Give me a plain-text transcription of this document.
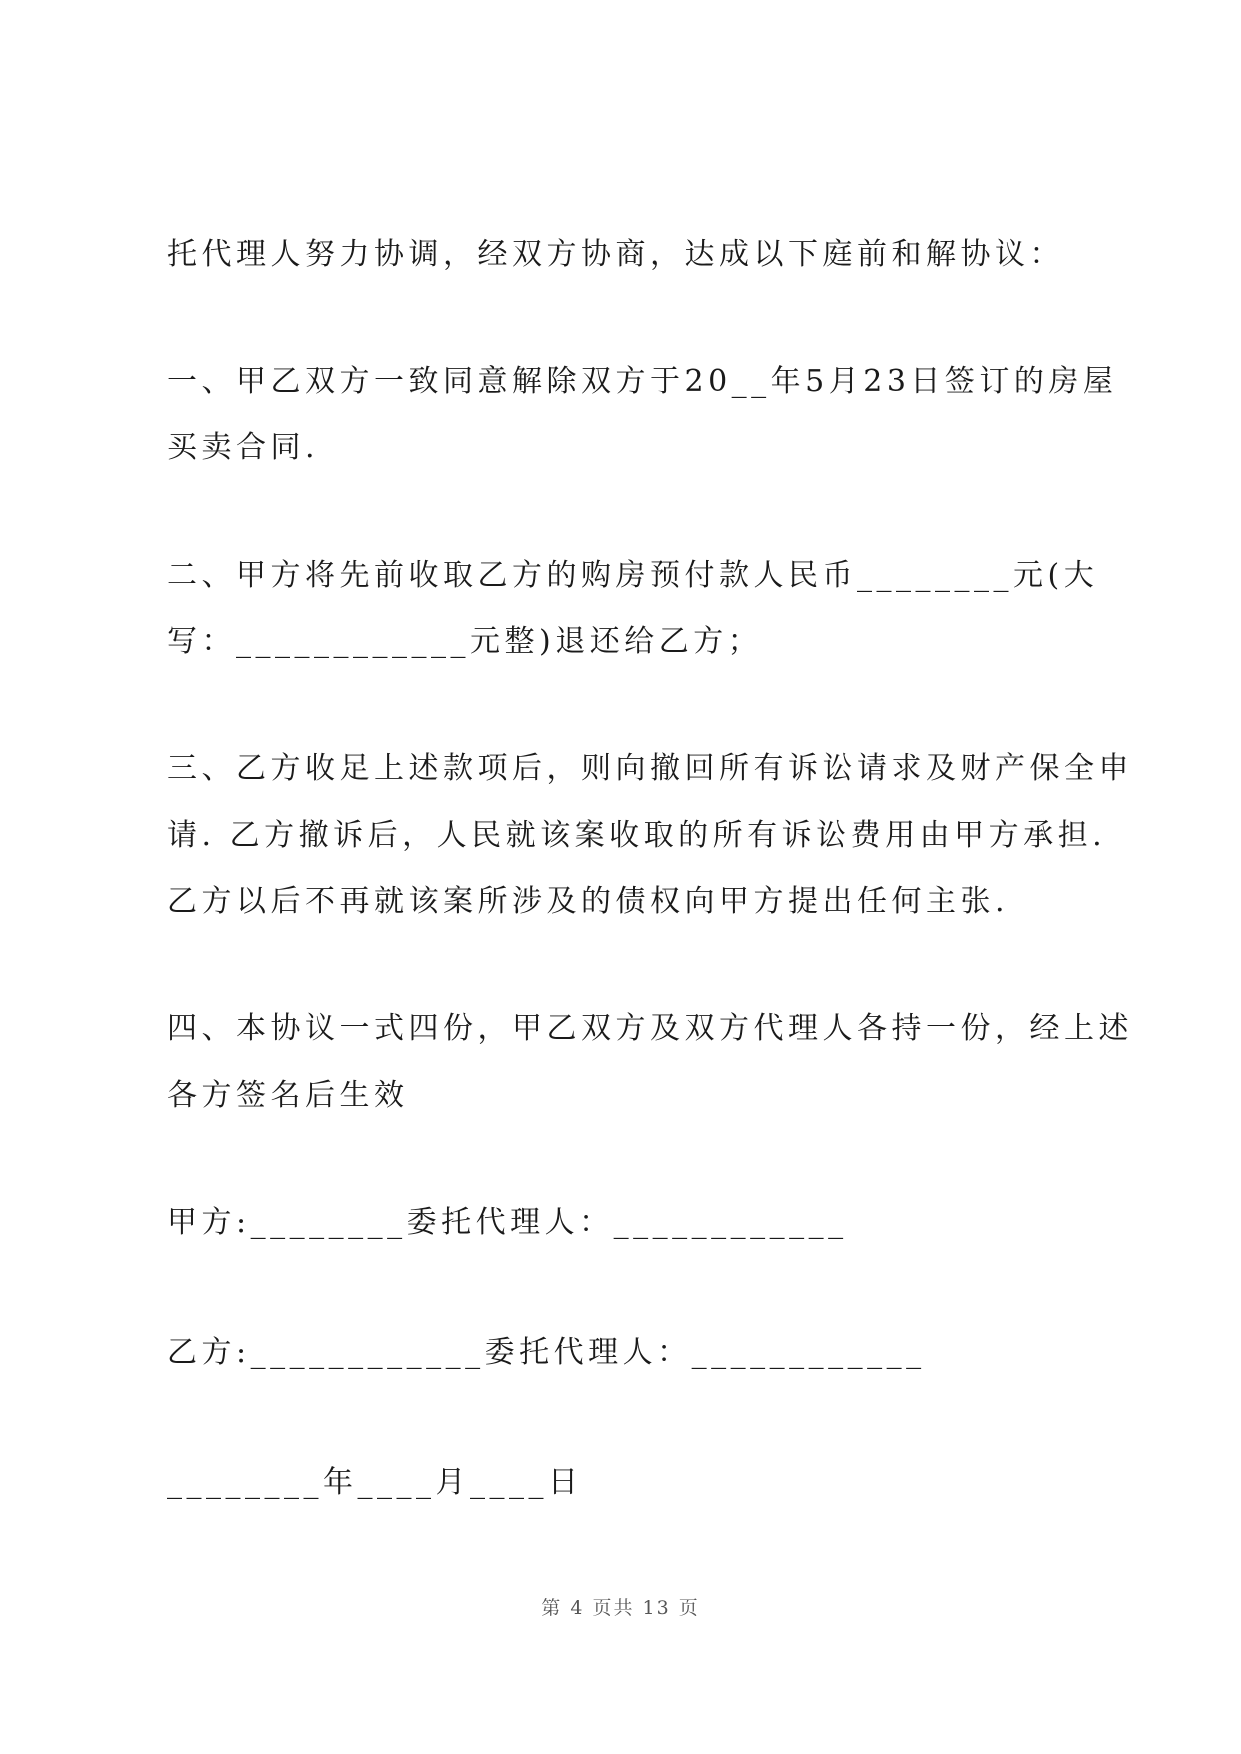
托代理人努力协调，经双方协商，达成以下庭前和解协议：
一、甲乙双方一致同意解除双方于20__年5月23日签订的房屋
买卖合同.
二、甲方将先前收取乙方的购房预付款人民币________元(大
写：____________元整)退还给乙方；
三、乙方收足上述款项后，则向撤回所有诉讼请求及财产保全申
请. 乙方撤诉后，人民就该案收取的所有诉讼费用由甲方承担.
乙方以后不再就该案所涉及的债权向甲方提出任何主张.
四、本协议一式四份，甲乙双方及双方代理人各持一份，经上述
各方签名后生效
甲方:________委托代理人：____________
乙方:____________委托代理人：____________
________年____月____日
第 4 页共 13 页
